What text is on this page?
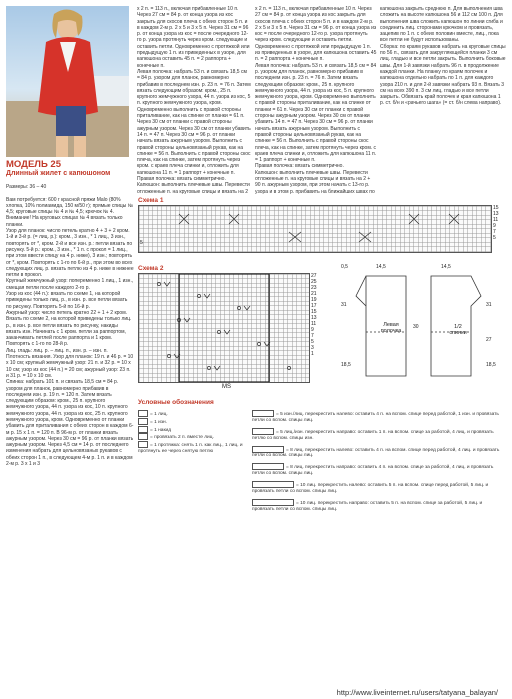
МОДЕЛЬ 25
Длинный жилет с капюшоном
Размеры: 36 – 40

Вам потребуется: 600 г красной пряжи Malo (80% хлопка, 10% полиамида, 150 м/50 г); прямые спицы № 4,5; круговые спицы № 4 и № 4,5; крючок № 4.
Внимание! На круговых спицах № 4 вязать только планки.
Узор для планок: число петель кратно 4 + 3 + 2 кром. 1-й и 3-й р. (= лиц. р.): кром., 3 изн., * 1 лиц., 3 изн., повторять от *, кром. 2-й и все изн. р.: петли вязать по рисунку. 5-й р.: кром., 3 изн., * 1 п. с прокол = 1 лиц., при этом ввести спицу на 4 р. ниже), 3 изн.; повторять от *, кром. Повторять с 1-го по 6-й р., при этом во всех следующих лиц. р. вязать петлю из 4 р. ниже в нижнее петли в прокол.
Крупный жемчужный узор: попеременно 1 лиц., 1 изн., смещая петли после каждого 2-го р.
Узор из кос (44 п.): вязать по схеме 1, на которой приведены только лиц. р., в изн. р. все петли вязать по рисунку. Повторять 5-й по 16-й р.
Ажурный узор: число петель кратно 22 + 1 + 2 кром. Вязать по схеме 2, на которой приведены только лиц. р., в изн. р. все петли вязать по рисунку, накиды вязать изн. Начинать с 1 кром. петли за раппортом, заканчивать петлей после раппорта и 1 кром. Повторять с 1-го по 28-й р.
Лиц. гладь: лиц. р. – лиц. п., изн. р. – изн. п.
Плотность вязания. Узор для планок: 19 п. и 46 р. = 10 х 10 см; крупный жемчужный узор: 21 п. и 32 р. = 10 х 10 см; узор из кос (44 п.) = 20 см; ажурный узор: 23 п. и 31 р. = 10 х 10 см.
Спинка: набрать 101 п. и связать 18,5 см = 84 р. узором для планок, равномерно прибавив в последнем изн. р. 19 п. = 120 п. Затем вязать следующим образом: кром., 25 п. крупного жемчужного узора, 44 п. узора из кос, 10 п. крупного жемчужного узора, 44 п. узора из кос, 25 п. крупного жемчужного узора, кром. Одновременно от планки убавить для приталивания с обеих сторон в каждом 6-м р. 15 х 1 п. = 120 п. В 96-м р. от планки вязать ажурным узором. Через 30 см = 96 р. от планки вязать ажурным узором. Через 4,5 см = 14 р. от последнего изменения набрать для цельновязаных рукавов с обеих сторон 1 п., в следующем 4-м р. 1 п. и в каждом 2-м р. 3 х 1 и 3
х 2 п. = 113 п., включая прибавленные 10 п. Через 27 см = 84 р. от конца узора из кос закрыть для скосов плеча с обеих сторон 5 п. и в каждом 2-м р. 2 х 5 и 3 х 5 п. Через 31 см = 96 р. от конца узора из кос = после очередного 12-го р. узора протянуть через кром. следующие и оставить петли. Одновременно с протяжкой или предыдущую 1 п. из приведенных в узоре, для капюшона оставить 45 п. = 2 раппорта + конечные п.
Левая полочка: набрать 53 п. и связать 18,5 см = 84 р. узором для планок, равномерно прибавив в последнем изн. р. 23 п. = 76 п. Затем вязать следующим образом: кром., 25 п. крупного жемчужного узора, 44 п. узора из кос, 5 п. крупного жемчужного узора, кром. Одновременно выполнить с правой стороны приталивание, как на спинке от планки = 61 п. Через 30 см от планки с правой стороны ажурным узором. Через 30 см от планки убавить 14 п. = 47 п. Через 30 см = 96 р. от планки начать вязать ажурным узором. Выполнить с правой стороны цельновязаный рукав, как на спинке = 56 п. Выполнить с правой стороны скос плеча, как на спинке, затем протянуть через кром. с краев плеча спинки и, отложить для капюшона 11 п. = 1 раппорт + конечные п.
Правая полочка: вязать симметрично.
Капюшон: выполнить плечевые швы. Перевести отложенные п. на круговые спицы и вязать на 2
х 2 п. = 113 п., включая прибавленные 10 п. Через 27 см = 84 р. от конца узора из кос закрыть для скосов плеча с обеих сторон 5 п. и в каждом 2-м р. 2 х 5 и 3 х 5 п. Через 31 см = 96 р. от конца узора из кос = после очередного 12-го р. узора протянуть через кром. следующие и оставить петли. Одновременно с протяжкой или предыдущую 1 п. из приведенных в узоре, для капюшона оставить 45 п. = 2 раппорта + конечные п.
Левая полочка: набрать 53 п. и связать 18,5 см = 84 р. узором для планок, равномерно прибавив в последнем изн. р. 23 п. = 76 п. Затем вязать следующим образом: кром., 25 п. крупного жемчужного узора, 44 п. узора из кос, 5 п. крупного жемчужного узора, кром. Одновременно выполнить с правой стороны приталивание, как на спинке от планки = 61 п. Через 30 см от планки с правой стороны ажурным узором. Через 30 см от планки убавить 14 п. = 47 п. Через 30 см = 96 р. от планки начать вязать ажурным узором. Выполнить с правой стороны цельновязаный рукав, как на спинке = 56 п. Выполнить с правой стороны скос плеча, как на спинке, затем протянуть через кром. с краев плеча спинки и, отложить для капюшона 11 п. = 1 раппорт + конечные п.
Правая полочка: вязать симметрично.
Капюшон: выполнить плечевые швы. Перевести отложенные п. на круговые спицы и вязать на 2 + 90 п. ажурным узором, при этом начать с 13-го р. узора и в этом р. прибавить на ближайших швах по
капюшона закрыть среднюю п. Для выполнения шва сложить на высоте капюшона 56 и 112 см 100 п. Для выполнения шва сложить капюшон по линии сгиба и соединить лиц. сторонами крючком и провязать, зацепив по 1 п. с обеих половин вместе, лиц., пока все петли не будут использованы.
Сборка: по краям рукавов набрать на круговые спицы по 56 п., связать для закругляющейся планки 3 см лиц. гладью и все петли закрыть. Выполнить боковые швы. Для 1-й завязки набрать 96 п. в продолжение каждой планки. На планку по краям полочек и капюшона отдельно набрать по 1 п. для каждого узора 210 п. и для 2-й завязки набрать 93 п. Вязать 3 см на всех 390 п. 3 см лиц. гладью и все петли закрыть. Обвязать край полочек и края капюшона 1 р. ст. б/н и «рачьего шага» (= ст. б/н слева направо).
Схема 1
15
13
11
9
7
5
5
Схема 2
27
25
23
21
19
17
15
13
11
9
7
5
3
1
MS
Левая полочка
1/2 спинки
0,5	14,5	14,5
31	31
27
18,5	18,5
30
Условные обозначения
= 1 лиц.
= 1 изн.
= 1 накид
= провязать 2 п. вместе лиц.
= 1 протяжка: снять 1 п. как лиц., 1 лиц. и протянуть ее через снятую петлю
= 5 изн./лиц. перекрестить налево: оставить 4 п. на вспом. спице перед работой, 1 изн. и провязать петли со вспом. спицы лиц.
= 5 лиц./изн. перекрестить направо: оставить 1 п. на вспом. спице за работой, 4 лиц. и провязать петлю со вспом. спицы изн.
= 8 лиц. перекрестить налево: оставить 4 п. на вспом. спице перед работой, 4 лиц. и провязать петли со вспом. спицы лиц.
= 8 лиц. перекрестить направо: оставить 4 п. на вспом. спице за работой, 4 лиц. и провязать петли со вспом. спицы лиц.
= 10 лиц. перекрестить налево: оставить 5 п. на вспом. спице перед работой, 5 лиц. и провязать петли со вспом. спицы лиц.
= 10 лиц. перекрестить направо: оставить 5 п. на вспом. спице за работой, 5 лиц. и провязать петли со вспом. спицы лиц.
http://www.liveinternet.ru/users/tatyana_balayan/
